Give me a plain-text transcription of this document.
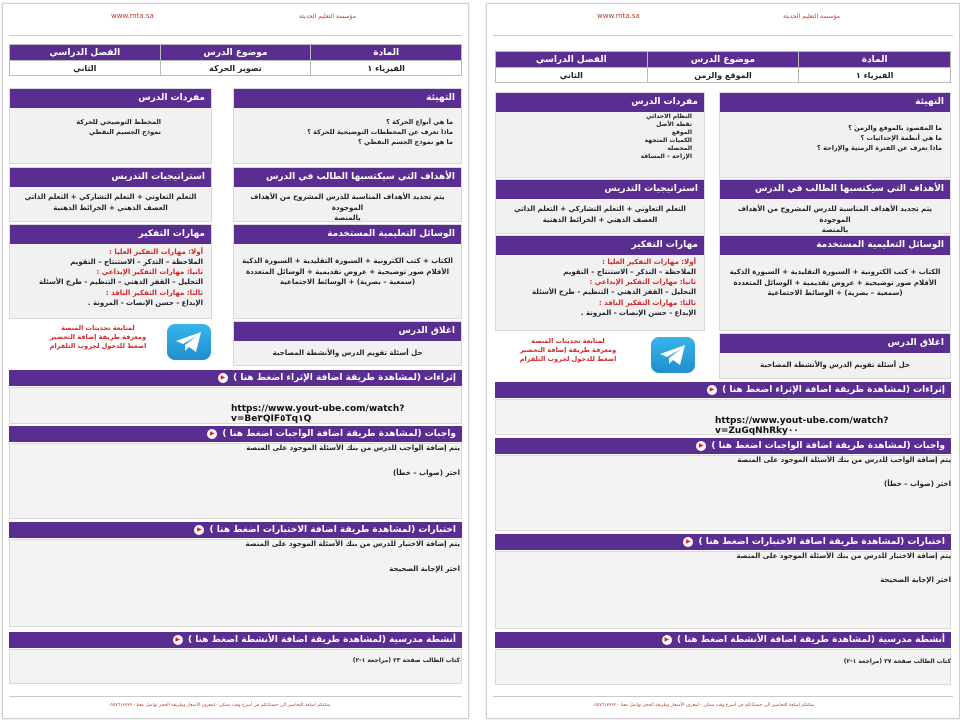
www.mta.sa	مؤسسة التعليم الحديثة
الفصل الدراسي	موضوع الدرس	المادة
الثاني	تصوير الحركة	الفيزياء ١
التهيئة
ما هي أنواع الحركة ؟
ماذا تعرف عن المخططات التوضيحية للحركة ؟
ما هو نموذج الجسم النقطي ؟
مفردات الدرس
المخطط التوضيحي للحركة
نموذج الجسيم النقطي
الأهداف التي سيكتسبها الطالب في الدرس
يتم تحديد الأهداف المناسبة للدرس المشروح من الأهداف الموجودة
بالمنصة
استراتيجيات التدريس
التعلم التعاوني + التعلم التشاركي + التعلم الذاتي
العصف الذهني + الخرائط الذهنية
الوسائل التعليمية المستخدمة
الكتاب + كتب الكترونية + السبورة التقليدية + السبورة الذكية
الأقلام صور توضيحية + عروض تقديمية + الوسائل المتعددة
(سمعية – بصرية) + الوسائط الاجتماعية
مهارات التفكير
أولا: مهارات التفكير العليا :
الملاحظة – التذكر – الاستنتاج – التقويم
ثانيا: مهارات التفكير الإبداعي :
التحليل – القفز الذهني – التنظيم - طرح الأسئلة
ثالثا: مهارات التفكير الناقد :
الإبداع - حسن الإنصات - المرونة .
لمتابعة تحديثات المنصة
ومعرفة طريقة إضافة التحضير
اضغط للدخول لجروب التلقرام
اغلاق الدرس
حل أسئلة تقويم الدرس والأنشطة المصاحبة
إثراءات (لمشاهدة طريقة اضافة الإثراء اضغط هنا ) ▶
https://www.yout-ube.com/watch?v=Be٣QIF٥Tq١Q
واجبات (لمشاهدة طريقة اضافة الواجبات اضغط هنا ) ▶
يتم إضافة الواجب للدرس من بنك الأسئلة الموجود على المنصة
اختر (صواب – خطأ)
اختبارات (لمشاهدة طريقة اضافة الاختبارات اضغط هنا ) ▶
يتم إضافة الاختبار للدرس من بنك الأسئلة الموجود على المنصة
اختر الإجابة الصحيحة
أنشطة مدرسية (لمشاهدة طريقة اضافة الأنشطة اضغط هنا ) ▶
كتاب الطالب صفحة ٢٣ (مراجعة ١-٢)
يمكنكم اضافة التحاضير الى حساباتكم في أسرع وقت ممكن - لمعرف الأسعار وطريقة الحجز تواصل معنا - ٠٥٥٧٦١٧٧٢٢
www.mta.sa	مؤسسة التعليم الحديثة
الفصل الدراسي	موضوع الدرس	المادة
الثاني	الموقع والزمن	الفيزياء ١
التهيئة
ما المقصود بالموقع والزمن ؟
ما هي أنظمة الإحداثيات ؟
ماذا تعرف عن الفترة الزمنية والإزاحة ؟
مفردات الدرس
النظام الاحداثي
نقطة الأصل
الموقع
الكميات المتجهة
المحصلة
الإزاحة – المسافة
الأهداف التي سيكتسبها الطالب في الدرس
يتم تحديد الأهداف المناسبة للدرس المشروح من الأهداف الموجودة
بالمنصة
استراتيجيات التدريس
التعلم التعاوني + التعلم التشاركي + التعلم الذاتي
العصف الذهني + الخرائط الذهنية
الوسائل التعليمية المستخدمة
الكتاب + كتب الكترونية + السبورة التقليدية + السبورة الذكية
الأقلام صور توضيحية + عروض تقديمية + الوسائل المتعددة
(سمعية – بصرية) + الوسائط الاجتماعية
مهارات التفكير
أولا: مهارات التفكير العليا :
الملاحظة – التذكر – الاستنتاج – التقويم
ثانيا: مهارات التفكير الإبداعي :
التحليل – القفز الذهني – التنظيم - طرح الأسئلة
ثالثا: مهارات التفكير الناقد :
الإبداع - حسن الإنصات - المرونة .
لمتابعة تحديثات المنصة
ومعرفة طريقة إضافة التحضير
اضغط للدخول لجروب التلقرام
اغلاق الدرس
حل أسئلة تقويم الدرس والأنشطة المصاحبة
إثراءات (لمشاهدة طريقة اضافة الإثراء اضغط هنا ) ▶
https://www.yout-ube.com/watch?v=ZuGqNhRky٠٠
واجبات (لمشاهدة طريقة اضافة الواجبات اضغط هنا ) ▶
يتم إضافة الواجب للدرس من بنك الأسئلة الموجود على المنصة
اختر (صواب – خطأ)
اختبارات (لمشاهدة طريقة اضافة الاختبارات اضغط هنا ) ▶
يتم إضافة الاختبار للدرس من بنك الأسئلة الموجود على المنصة
اختر الإجابة الصحيحة
أنشطة مدرسية (لمشاهدة طريقة اضافة الأنشطة اضغط هنا ) ▶
كتاب الطالب صفحة ٣٧ (مراجعة ١-٢)
يمكنكم اضافة التحاضير الى حساباتكم في أسرع وقت ممكن - لمعرف الأسعار وطريقة الحجز تواصل معنا - ٠٥٥٧٦١٧٧٢٢
